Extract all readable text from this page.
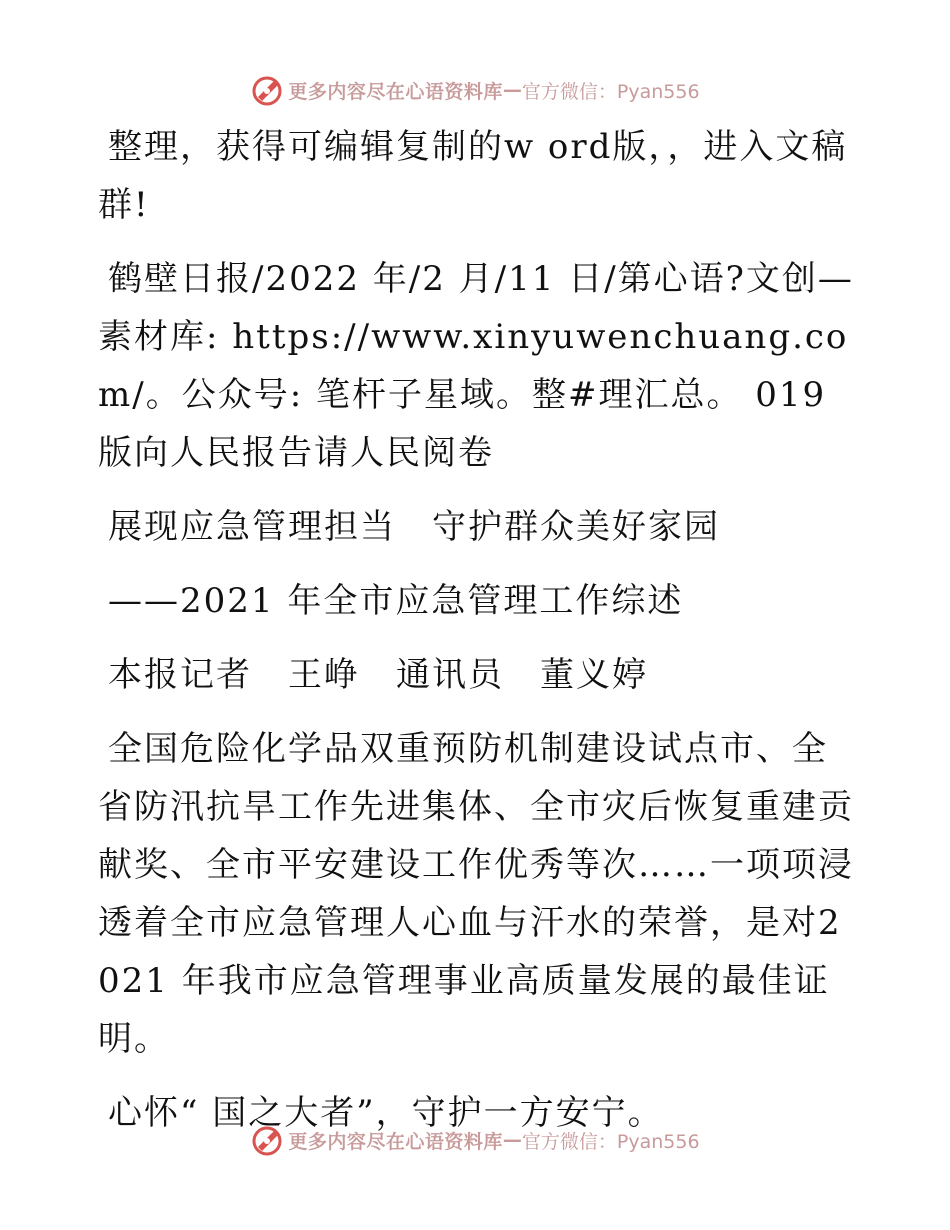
更多内容尽在心语资料库 — 官方微信：Pyan556

整理，获得可编辑复制的w ord版，，进入文稿群!

鹤壁日报/2022 年/2 月/11 日/第心语?文创—素材库: https://www.xinyuwenchuang.com/。公众号: 笔杆子星域。整#理汇总。 019 版向人民报告请人民阅卷

展现应急管理担当　守护群众美好家园

——2021 年全市应急管理工作综述

本报记者　王峥　通讯员　董义婷

全国危险化学品双重预防机制建设试点市、全省防汛抗旱工作先进集体、全市灾后恢复重建贡献奖、全市平安建设工作优秀等次……一项项浸透着全市应急管理人心血与汗水的荣誉，是对2021 年我市应急管理事业高质量发展的最佳证明。

心怀“ 国之大者”，守护一方安宁。

更多内容尽在心语资料库 — 官方微信：Pyan556
